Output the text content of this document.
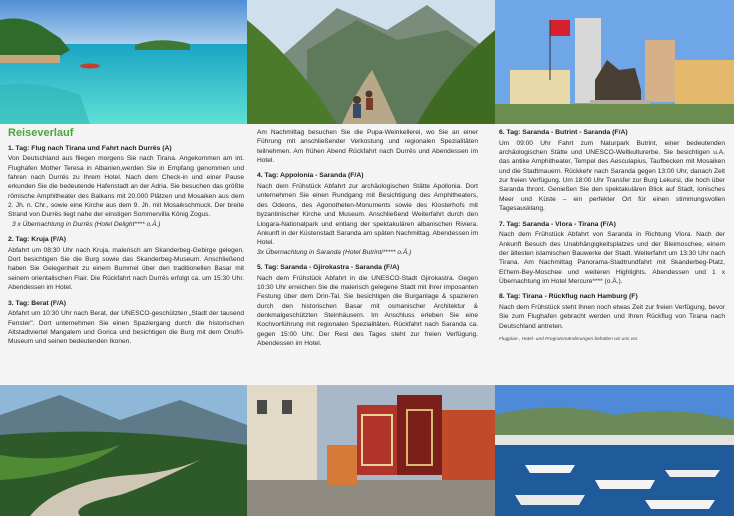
Reiseverlauf
1. Tag: Flug nach Tirana und Fahrt nach Durrës (A)

Von Deutschland aus fliegen morgens Sie nach Tirana. Angekommen am int. Flughafen Mother Teresa in Albanien,werden Sie in Empfang genommen und fahren nach Durrës zu Ihrem Hotel. Nach dem Check-in und einer Pause erkunden Sie die bedeutende Hafenstadt an der Adria. Sie besuchen das größte römische Amphitheater des Balkans mit 20.000 Plätzen und Mosaiken aus dem 2. Jh. n. Chr., sowie eine Kirche aus dem 9. Jh. mit Mosaikschmuck. Der breite Strand von Durrës liegt nahe der einstigen Sommervilla König Zogus.

3 x Übernachtung in Durrës (Hotel Delight**** o.Ä.)
2. Tag: Kruja (F/A)

Abfahrt um 08:30 Uhr nach Kruja, malerisch am Skanderbeg-Gebirge gelegen. Dort besichtigen Sie die Burg sowie das Skanderbeg-Museum. Anschließend haben Sie Gelegenheit zu einem Bummel über den traditionellen Basar mit seinem orientalischen Flair. Die Rückfahrt nach Durrës erfolgt ca. um 15:30 Uhr. Abendessen im Hotel.

3. Tag: Berat (F/A)

Abfahrt um 10:30 Uhr nach Berat, der UNESCO-geschützten „Stadt der tausend Fenster". Dort unternehmen Sie einen Spaziergang durch die historischen Altstadtviertel Mangalem und Gorica und besichtigen die Burg mit dem Onufri-Museum und seinen bedeutenden Ikonen.

Am Nachmittag besuchen Sie die Pupa-Weinkellerei, wo Sie an einer Führung mit anschließender Verkostung und regionalen Spezialitäten teilnehmen. Am frühen Abend Rückfahrt nach Durrës und Abendessen im Hotel.

4. Tag: Appolonia - Saranda (F/A)

Nach dem Frühstück Abfahrt zur archäologischen Stätte Apollonia. Dort unternehmen Sie einen Rundgang mit Besichtigung des Amphitheaters, des Odeons, des Agonotheten-Monuments sowie des Klosterhofs mit byzantinischer Kirche und Museum. Anschließend Weiterfahrt durch den Llogara-Nationalpark und entlang der spektakulären albanischen Riviera. Ankunft in der Küstenstadt Saranda am späten Nachmittag. Abendessen im Hotel.

3x Übernachtung in Saranda (Hotel Butrinti***** o.Ä.)
5. Tag: Saranda - Gjirokastra - Saranda (F/A)

Nach dem Frühstück Abfahrt in die UNESCO-Stadt Gjirokastra. Gegen 10:30 Uhr erreichen Sie die malerisch gelegene Stadt mit ihrer imposanten Festung über dem Drin-Tal. Sie besichtigen die Burganlage & spazieren durch den historischen Basar mit osmanischer Architektur & denkmalgeschützten Steinhäusern. Im Anschluss erleben Sie eine Kochvorführung mit regionalen Spezialitäten. Rückfahrt nach Saranda ca. gegen 15:00 Uhr. Der Rest des Tages steht zur freien Verfügung. Abendessen im Hotel.

6. Tag: Saranda - Butrint - Saranda (F/A)

Um 09:00 Uhr Fahrt zum Naturpark Butrint, einer bedeutenden archäologischen Stätte und UNESCO-Weltkulturerbe. Sie besichtigen u.A. das antike Amphitheater, Tempel des Aesculapius, Taufbecken mit Mosaiken und die Stadtmauern. Rückkehr nach Saranda gegen 13:00 Uhr, danach Zeit zur freien Verfügung. Um 18:00 Uhr Transfer zur Burg Lekursi, die hoch über Saranda thront. Genießen Sie den spektakulären Blick auf Stadt, Ionisches Meer und Küste – ein perfekter Ort für einen stimmungsvollen Tagesausklang.

7. Tag: Saranda - Vlora - Tirana (F/A)

Nach dem Frühstück Abfahrt von Saranda in Richtung Vlora. Nach der Ankunft Besuch des Unabhängigkeitsplatzes und der Bleimoschee, einem der ältesten islamischen Bauwerke der Stadt. Weiterfahrt um 13:30 Uhr nach Tirana. Am Nachmittag Panorama-Stadtrundfahrt mit Skanderbeg-Platz, Et'hem-Bey-Moschee und weiteren Highlights. Abendessen und 1 x Übernachtung im Hotel Mercure**** (o.Ä.).

8. Tag: Tirana - Rückflug nach Hamburg (F)

Nach dem Frühstück steht Ihnen noch etwas Zeit zur freien Verfügung, bevor Sie zum Flughafen gebracht werden und Ihren Rückflug von Tirana nach Deutschland antreten.

Flugplan-, Hotel- und Programmänderungen behalten wir uns vor.
